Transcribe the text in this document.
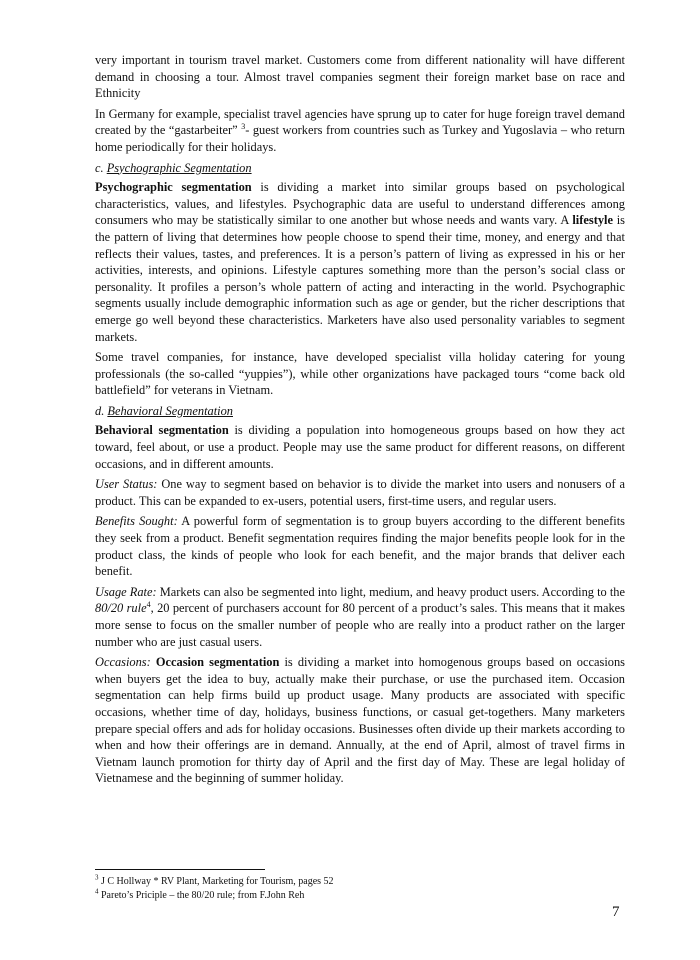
very important in tourism travel market. Customers come from different nationality will have different demand in choosing a tour. Almost travel companies segment their foreign market base on race and Ethnicity

In Germany for example, specialist travel agencies have sprung up to cater for huge foreign travel demand created by the “gastarbeiter” $^3$- guest workers from countries such as Turkey and Yugoslavia – who return home periodically for their holidays.

c. Psychographic Segmentation

Psychographic segmentation is dividing a market into similar groups based on psychological characteristics, values, and lifestyles. Psychographic data are useful to understand differences among consumers who may be statistically similar to one another but whose needs and wants vary. A lifestyle is the pattern of living that determines how people choose to spend their time, money, and energy and that reflects their values, tastes, and preferences. It is a person’s pattern of living as expressed in his or her activities, interests, and opinions. Lifestyle captures something more than the person’s social class or personality. It profiles a person’s whole pattern of acting and interacting in the world. Psychographic segments usually include demographic information such as age or gender, but the richer descriptions that emerge go well beyond these characteristics. Marketers have also used personality variables to segment markets.

Some travel companies, for instance, have developed specialist villa holiday catering for young professionals (the so-called “yuppies”), while other organizations have packaged tours “come back old battlefield” for veterans in Vietnam.

d. Behavioral Segmentation

Behavioral segmentation is dividing a population into homogeneous groups based on how they act toward, feel about, or use a product. People may use the same product for different reasons, on different occasions, and in different amounts.

User Status: One way to segment based on behavior is to divide the market into users and nonusers of a product. This can be expanded to ex-users, potential users, first-time users, and regular users.

Benefits Sought: A powerful form of segmentation is to group buyers according to the different benefits they seek from a product. Benefit segmentation requires finding the major benefits people look for in the product class, the kinds of people who look for each benefit, and the major brands that deliver each benefit.

Usage Rate: Markets can also be segmented into light, medium, and heavy product users. According to the 80/20 rule$^4$, 20 percent of purchasers account for 80 percent of a product’s sales. This means that it makes more sense to focus on the smaller number of people who are really into a product rather on the larger number who are just casual users.

Occasions: Occasion segmentation is dividing a market into homogenous groups based on occasions when buyers get the idea to buy, actually make their purchase, or use the purchased item. Occasion segmentation can help firms build up product usage. Many products are associated with specific occasions, whether time of day, holidays, business functions, or casual get-togethers. Many marketers prepare special offers and ads for holiday occasions. Businesses often divide up their markets according to when and how their offerings are in demand. Annually, at the end of April, almost of travel firms in Vietnam launch promotion for thirty day of April and the first day of May. These are legal holiday of Vietnamese and the beginning of summer holiday.

$^3$ J C Hollway * RV Plant, Marketing for Tourism, pages 52
$^4$ Pareto’s Priciple – the 80/20 rule; from F.John Reh
7
